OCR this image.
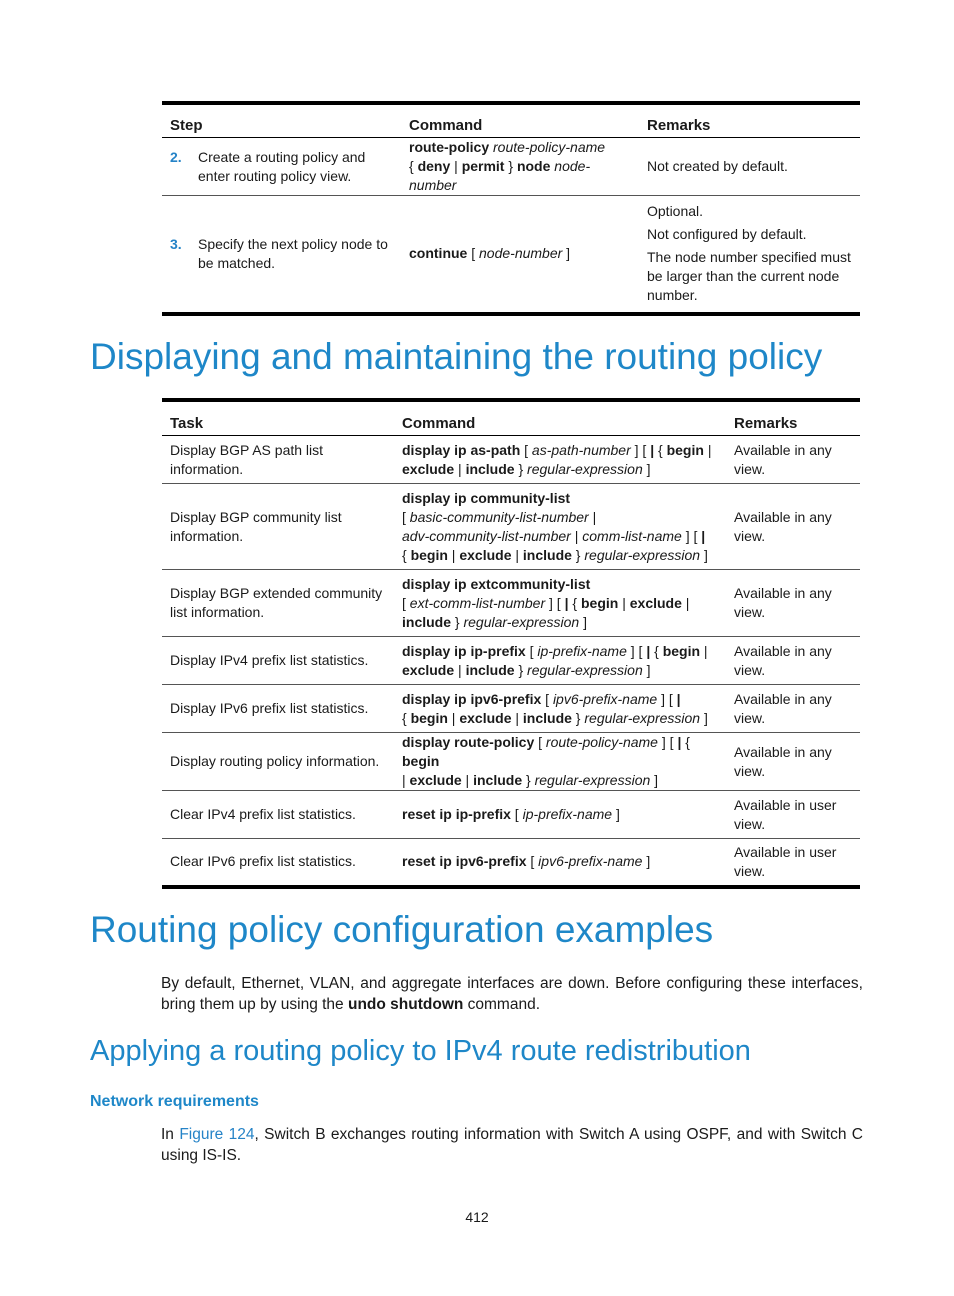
Step	Command	Remarks
2. Create a routing policy and enter routing policy view.	route-policy route-policy-name
{ deny | permit } node node-number	Not created by default.
3. Specify the next policy node to be matched.	continue [ node-number ]	Optional.
Not configured by default.
The node number specified must be larger than the current node number.
Displaying and maintaining the routing policy
Task	Command	Remarks
Display BGP AS path list information.	display ip as-path [ as-path-number ] [ | { begin |
exclude | include } regular-expression ]	Available in any view.
Display BGP community list information.	display ip community-list
[ basic-community-list-number |
adv-community-list-number | comm-list-name ] [ |
{ begin | exclude | include } regular-expression ]	Available in any view.
Display BGP extended community list information.	display ip extcommunity-list
[ ext-comm-list-number ] [ | { begin | exclude |
include } regular-expression ]	Available in any view.
Display IPv4 prefix list statistics.	display ip ip-prefix [ ip-prefix-name ] [ | { begin |
exclude | include } regular-expression ]	Available in any view.
Display IPv6 prefix list statistics.	display ip ipv6-prefix [ ipv6-prefix-name ] [ |
{ begin | exclude | include } regular-expression ]	Available in any view.
Display routing policy information.	display route-policy [ route-policy-name ] [ | { begin
| exclude | include } regular-expression ]	Available in any view.
Clear IPv4 prefix list statistics.	reset ip ip-prefix [ ip-prefix-name ]	Available in user view.
Clear IPv6 prefix list statistics.	reset ip ipv6-prefix [ ipv6-prefix-name ]	Available in user view.
Routing policy configuration examples

By default, Ethernet, VLAN, and aggregate interfaces are down. Before configuring these interfaces, bring them up by using the undo shutdown command.

Applying a routing policy to IPv4 route redistribution
Network requirements

In Figure 124, Switch B exchanges routing information with Switch A using OSPF, and with Switch C using IS-IS.

412
